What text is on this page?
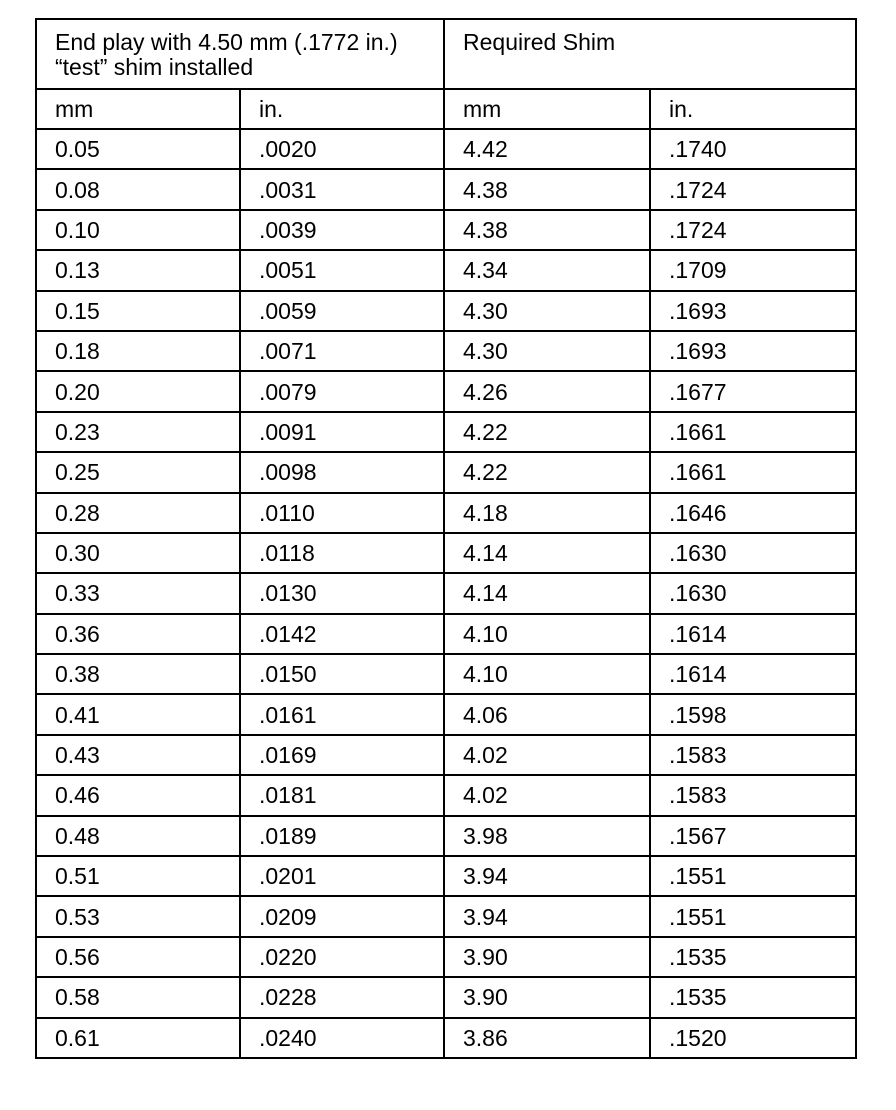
End play with 4.50 mm (.1772 in.) “test” shim installed		Required Shim	
mm	in.	mm	in.
0.05	.0020	4.42	.1740
0.08	.0031	4.38	.1724
0.10	.0039	4.38	.1724
0.13	.0051	4.34	.1709
0.15	.0059	4.30	.1693
0.18	.0071	4.30	.1693
0.20	.0079	4.26	.1677
0.23	.0091	4.22	.1661
0.25	.0098	4.22	.1661
0.28	.0110	4.18	.1646
0.30	.0118	4.14	.1630
0.33	.0130	4.14	.1630
0.36	.0142	4.10	.1614
0.38	.0150	4.10	.1614
0.41	.0161	4.06	.1598
0.43	.0169	4.02	.1583
0.46	.0181	4.02	.1583
0.48	.0189	3.98	.1567
0.51	.0201	3.94	.1551
0.53	.0209	3.94	.1551
0.56	.0220	3.90	.1535
0.58	.0228	3.90	.1535
0.61	.0240	3.86	.1520
